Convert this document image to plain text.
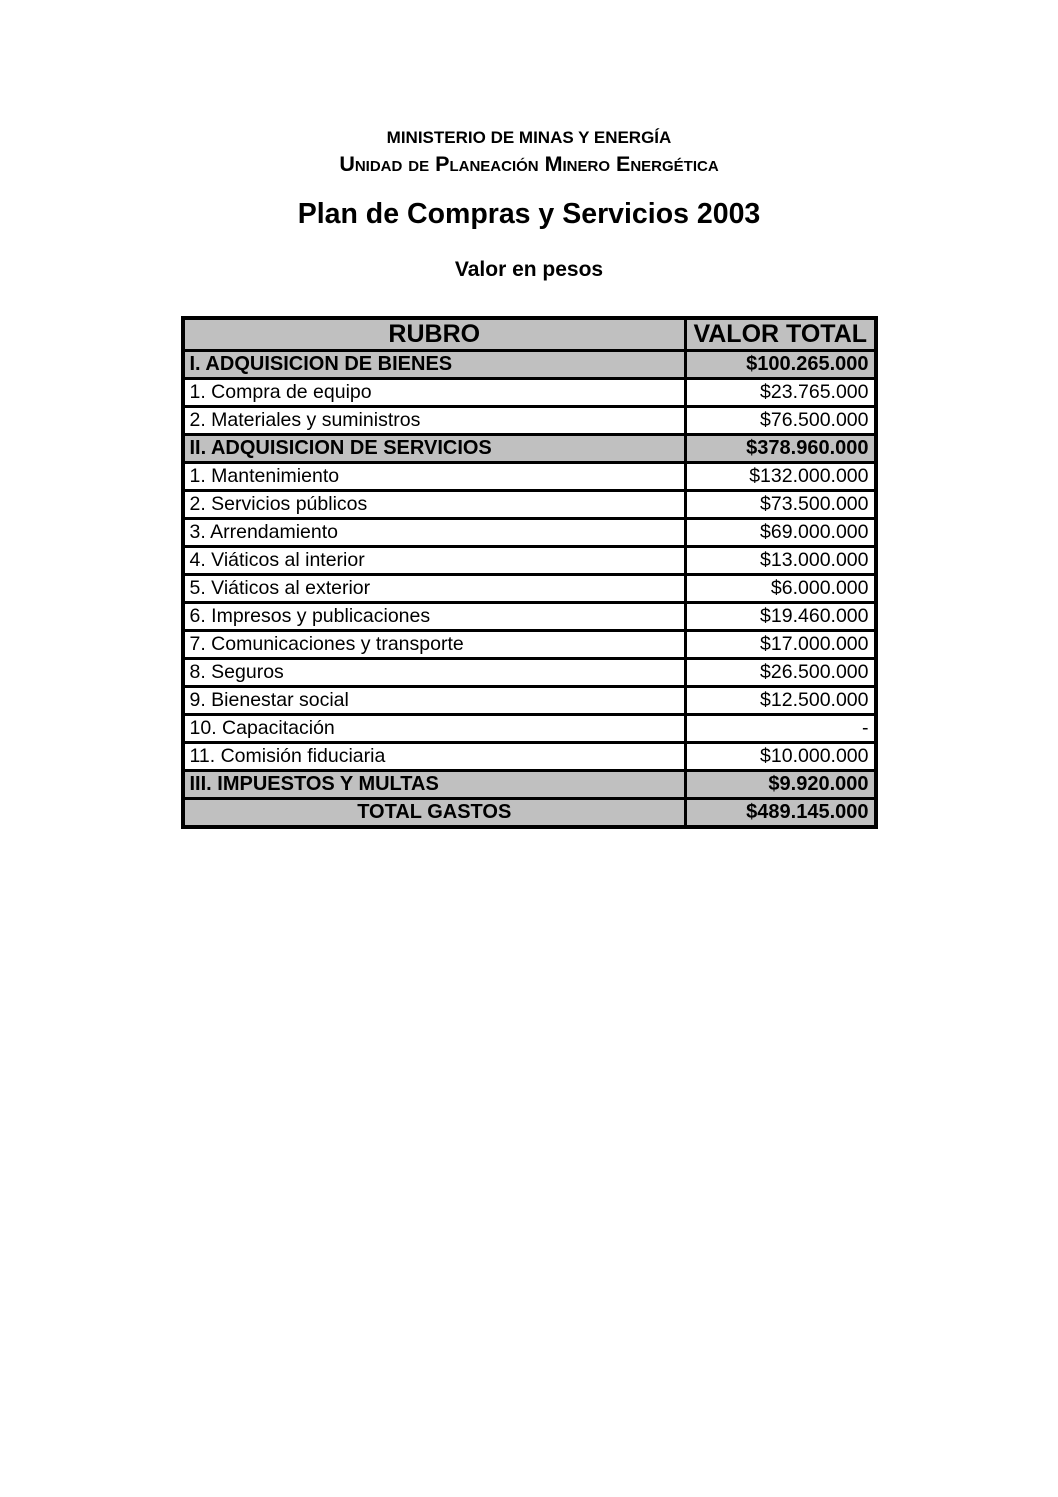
MINISTERIO DE MINAS Y ENERGÍA
Unidad de Planeación Minero Energética
Plan de Compras y Servicios 2003
Valor en pesos
RUBRO	VALOR TOTAL
I. ADQUISICION DE BIENES	$100.265.000
1. Compra de equipo	$23.765.000
2. Materiales y suministros	$76.500.000
II. ADQUISICION DE SERVICIOS	$378.960.000
1. Mantenimiento	$132.000.000
2. Servicios públicos	$73.500.000
3. Arrendamiento	$69.000.000
4. Viáticos al interior	$13.000.000
5. Viáticos al exterior	$6.000.000
6. Impresos y publicaciones	$19.460.000
7. Comunicaciones y transporte	$17.000.000
8. Seguros	$26.500.000
9. Bienestar social	$12.500.000
10. Capacitación	-
11. Comisión fiduciaria	$10.000.000
III. IMPUESTOS Y MULTAS	$9.920.000
TOTAL GASTOS	$489.145.000
